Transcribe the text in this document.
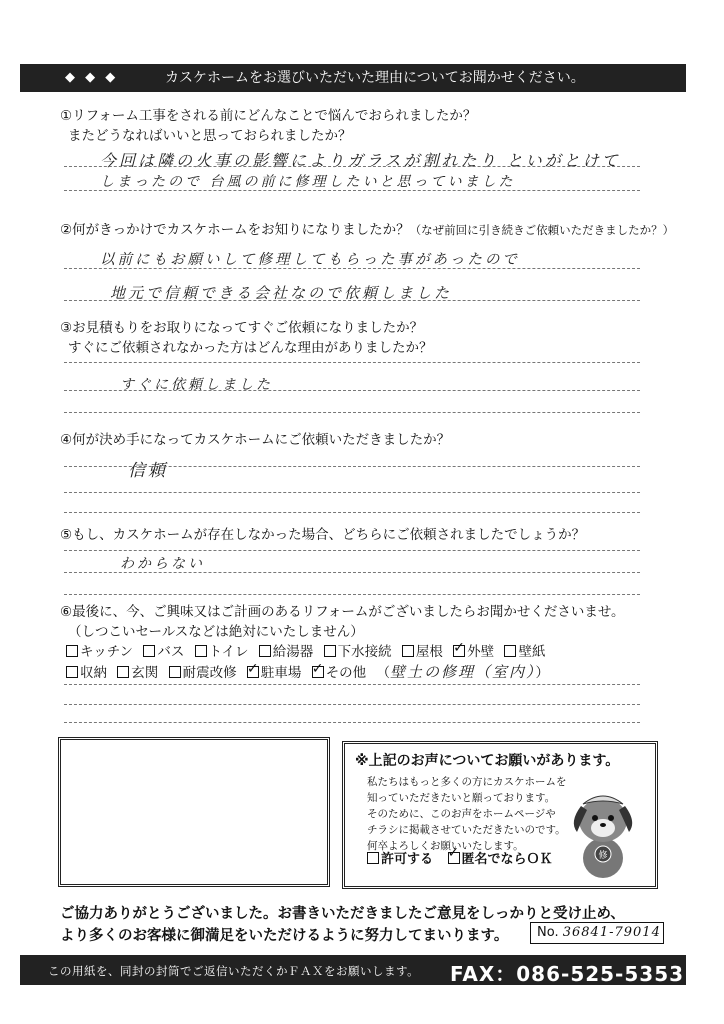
◆ ◆ ◆	カスケホームをお選びいただいた理由についてお聞かせください。
①リフォーム工事をされる前にどんなことで悩んでおられましたか？
またどうなればいいと思っておられましたか？
今回は隣の火事の影響によりガラスが割れたり といがとけて
しまったので 台風の前に修理したいと思っていました
②何がきっかけでカスケホームをお知りになりましたか？（なぜ前回に引き続きご依頼いただきましたか？）
以前にもお願いして修理してもらった事があったので
地元で信頼できる会社なので依頼しました
③お見積もりをお取りになってすぐご依頼になりましたか？
すぐにご依頼されなかった方はどんな理由がありましたか？
すぐに依頼しました
④何が決め手になってカスケホームにご依頼いただきましたか？
信頼
⑤もし、カスケホームが存在しなかった場合、どちらにご依頼されましたでしょうか？
わからない
⑥最後に、今、ご興味又はご計画のあるリフォームがございましたらお聞かせくださいませ。
（しつこいセールスなどは絶対にいたしません）
キッチン バス トイレ 給湯器 下水接続 屋根 ✓ 外壁 壁紙
収納 玄関 耐震改修 ✓ 駐車場 ✓ その他 （壁土の修理（室内））
※上記のお声についてお願いがあります。
私たちはもっと多くの方にカスケホームを
知っていただきたいと願っております。
そのために、このお声をホームページや
チラシに掲載させていただきたいのです。
何卒よろしくお願いいたします。
許可する ✓ 匿名でならＯＫ	修
ご協力ありがとうございました。お書きいただきましたご意見をしっかりと受け止め、
より多くのお客様に御満足をいただけるように努力してまいります。	No. 36841-79014
この用紙を、同封の封筒でご返信いただくかＦＡＸをお願いします。 FAX：086-525-5353
